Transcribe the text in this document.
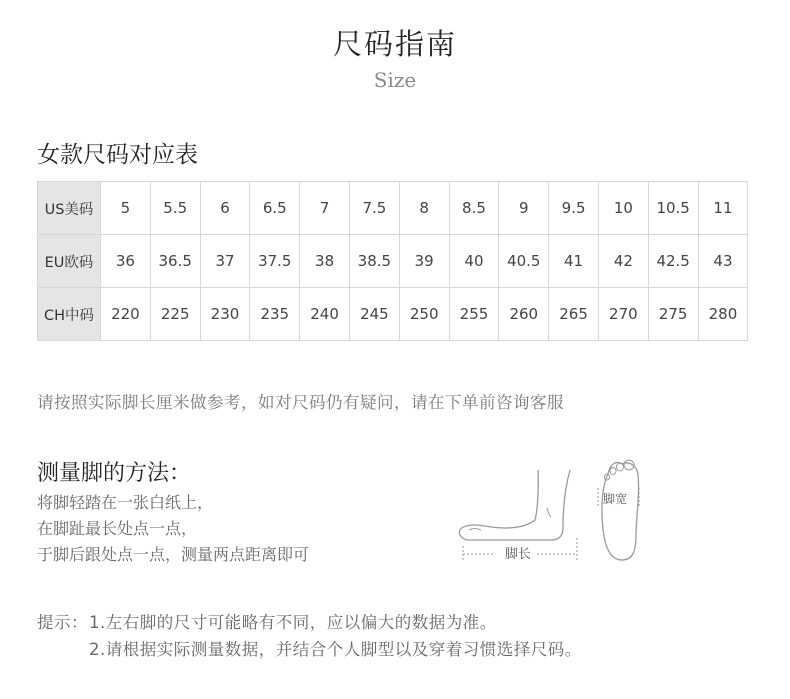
尺码指南
Size
女款尺码对应表
US美码	5	5.5	6	6.5	7	7.5	8	8.5	9	9.5	10	10.5	11
EU欧码	36	36.5	37	37.5	38	38.5	39	40	40.5	41	42	42.5	43
CH中码	220	225	230	235	240	245	250	255	260	265	270	275	280
请按照实际脚长厘米做参考，如对尺码仍有疑问，请在下单前咨询客服
测量脚的方法：
将脚轻踏在一张白纸上，
在脚趾最长处点一点，
于脚后跟处点一点，测量两点距离即可	脚长
脚宽
提示：1.左右脚的尺寸可能略有不同，应以偏大的数据为准。
2.请根据实际测量数据，并结合个人脚型以及穿着习惯选择尺码。
